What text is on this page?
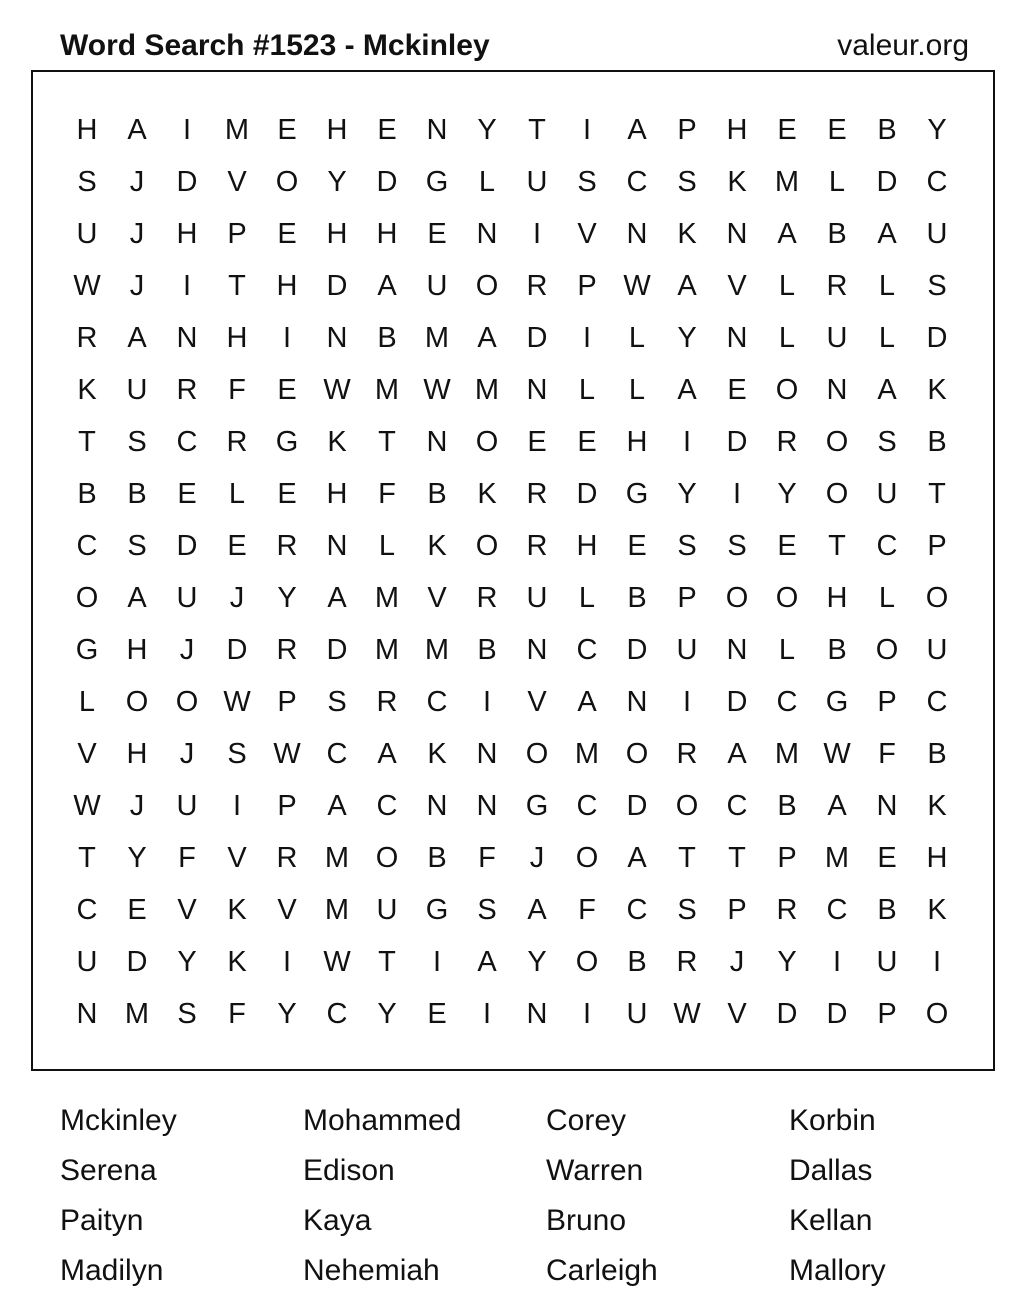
Word Search #1523 - Mckinley	valeur.org
H	A	I	M E	H	E	N	Y	T	I	A	P	H	E	E	B	Y
S	J	D	V	O	Y	D G	L	U	S	C	S	K M	L	D	C
U	J	H	P	E	H	H	E	N	I	V	N	K	N	A	B	A	U
W	J	I	T	H	D	A	U O R	P W A	V	L	R	L	S
R	A	N	H	I	N	B M A	D	I	L	Y	N	L	U	L	D
K	U	R	F	E W M W M N	L	L	A	E	O N	A	K
T	S	C	R G	K	T	N O	E	E	H	I	D	R O	S	B
B	B	E	L	E	H	F	B	K	R	D G	Y	I	Y	O U	T
C	S	D	E	R	N	L	K	O R	H	E	S	S	E	T	C	P
O	A	U	J	Y	A M V	R	U	L	B	P	O O H	L	O
G H	J	D	R	D M M B	N	C	D	U	N	L	B	O U
L	O O W P	S	R	C	I	V	A	N	I	D	C G	P	C
V	H	J	S W C	A	K	N O M O R	A M W F	B
W	J	U	I	P	A	C	N	N G C	D O C	B	A	N	K
T	Y	F	V	R M O	B	F	J	O	A	T	T	P M E	H
C	E	V	K	V M U G	S	A	F	C	S	P	R	C	B	K
U	D	Y	K	I	W T	I	A	Y	O	B	R	J	Y	I	U	I
N M S	F	Y	C	Y	E	I	N	I	U W V	D	D	P	O
Mckinley	Mohammed	Corey	Korbin
Serena	Edison	Warren	Dallas
Paityn	Kaya	Bruno	Kellan
Madilyn	Nehemiah	Carleigh	Mallory
